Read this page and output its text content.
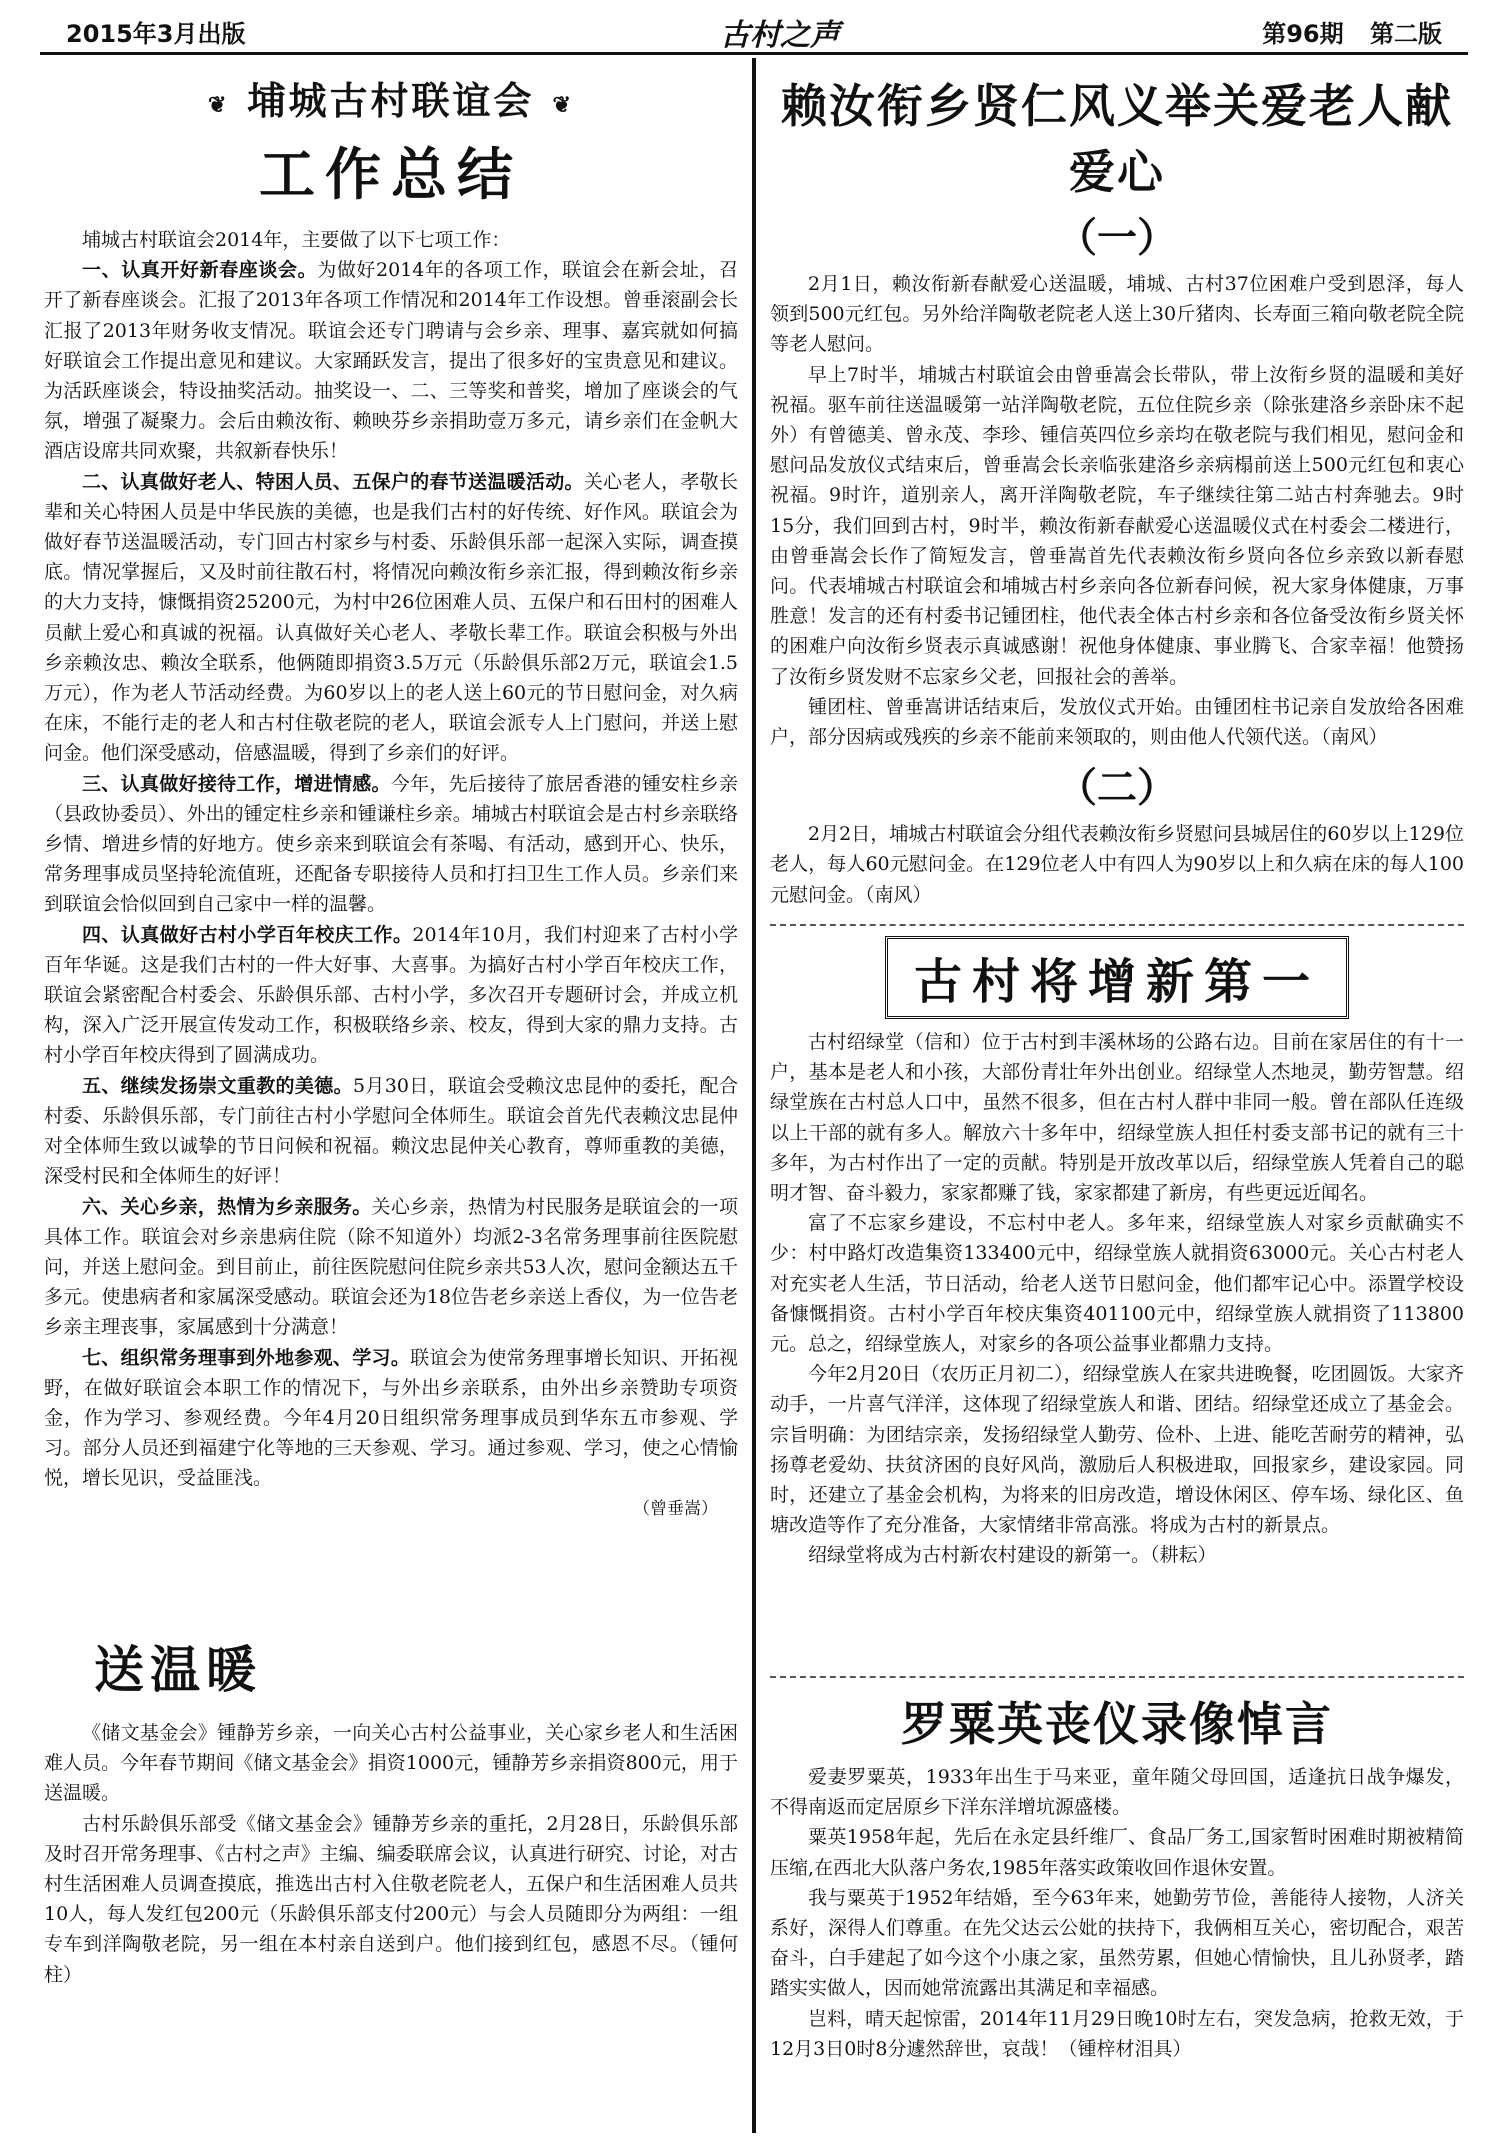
2015年3月出版	古村之声	第96期 第二版
❦ 埔城古村联谊会 ❦
工作总结

埔城古村联谊会2014年，主要做了以下七项工作：

一、认真开好新春座谈会。为做好2014年的各项工作，联谊会在新会址，召开了新春座谈会。汇报了2013年各项工作情况和2014年工作设想。曾垂滚副会长汇报了2013年财务收支情况。联谊会还专门聘请与会乡亲、理事、嘉宾就如何搞好联谊会工作提出意见和建议。大家踊跃发言，提出了很多好的宝贵意见和建议。为活跃座谈会，特设抽奖活动。抽奖设一、二、三等奖和普奖，增加了座谈会的气氛，增强了凝聚力。会后由赖汝衔、赖映芬乡亲捐助壹万多元，请乡亲们在金帆大酒店设席共同欢聚，共叙新春快乐！

二、认真做好老人、特困人员、五保户的春节送温暖活动。关心老人，孝敬长辈和关心特困人员是中华民族的美德，也是我们古村的好传统、好作风。联谊会为做好春节送温暖活动，专门回古村家乡与村委、乐龄俱乐部一起深入实际，调查摸底。情况掌握后，又及时前往散石村，将情况向赖汝衔乡亲汇报，得到赖汝衔乡亲的大力支持，慷慨捐资25200元，为村中26位困难人员、五保户和石田村的困难人员献上爱心和真诚的祝福。认真做好关心老人、孝敬长辈工作。联谊会积极与外出乡亲赖汝忠、赖汝全联系，他俩随即捐资3.5万元（乐龄俱乐部2万元，联谊会1.5万元），作为老人节活动经费。为60岁以上的老人送上60元的节日慰问金，对久病在床，不能行走的老人和古村住敬老院的老人，联谊会派专人上门慰问，并送上慰问金。他们深受感动，倍感温暖，得到了乡亲们的好评。

三、认真做好接待工作，增进情感。今年，先后接待了旅居香港的锺安柱乡亲（县政协委员）、外出的锺定柱乡亲和锺谦柱乡亲。埔城古村联谊会是古村乡亲联络乡情、增进乡情的好地方。使乡亲来到联谊会有茶喝、有活动，感到开心、快乐，常务理事成员坚持轮流值班，还配备专职接待人员和打扫卫生工作人员。乡亲们来到联谊会恰似回到自己家中一样的温馨。

四、认真做好古村小学百年校庆工作。2014年10月，我们村迎来了古村小学百年华诞。这是我们古村的一件大好事、大喜事。为搞好古村小学百年校庆工作，联谊会紧密配合村委会、乐龄俱乐部、古村小学，多次召开专题研讨会，并成立机构，深入广泛开展宣传发动工作，积极联络乡亲、校友，得到大家的鼎力支持。古村小学百年校庆得到了圆满成功。

五、继续发扬崇文重教的美德。5月30日，联谊会受赖汶忠昆仲的委托，配合村委、乐龄俱乐部，专门前往古村小学慰问全体师生。联谊会首先代表赖汶忠昆仲对全体师生致以诚挚的节日问候和祝福。赖汶忠昆仲关心教育，尊师重教的美德，深受村民和全体师生的好评！

六、关心乡亲，热情为乡亲服务。关心乡亲，热情为村民服务是联谊会的一项具体工作。联谊会对乡亲患病住院（除不知道外）均派2-3名常务理事前往医院慰问，并送上慰问金。到目前止，前往医院慰问住院乡亲共53人次，慰问金额达五千多元。使患病者和家属深受感动。联谊会还为18位告老乡亲送上香仪，为一位告老乡亲主理丧事，家属感到十分满意！

七、组织常务理事到外地参观、学习。联谊会为使常务理事增长知识、开拓视野，在做好联谊会本职工作的情况下，与外出乡亲联系，由外出乡亲赞助专项资金，作为学习、参观经费。今年4月20日组织常务理事成员到华东五市参观、学习。部分人员还到福建宁化等地的三天参观、学习。通过参观、学习，使之心情愉悦，增长见识，受益匪浅。

（曾垂嵩）

送温暖

《储文基金会》锺静芳乡亲，一向关心古村公益事业，关心家乡老人和生活困难人员。今年春节期间《储文基金会》捐资1000元，锺静芳乡亲捐资800元，用于送温暖。

古村乐龄俱乐部受《储文基金会》锺静芳乡亲的重托，2月28日，乐龄俱乐部及时召开常务理事、《古村之声》主编、编委联席会议，认真进行研究、讨论，对古村生活困难人员调查摸底，推选出古村入住敬老院老人，五保户和生活困难人员共10人，每人发红包200元（乐龄俱乐部支付200元）与会人员随即分为两组：一组专车到洋陶敬老院，另一组在本村亲自送到户。他们接到红包，感恩不尽。（锺何柱）

赖汝衔乡贤仁风义举关爱老人献爱心
（一）

2月1日，赖汝衔新春献爱心送温暖，埔城、古村37位困难户受到恩泽，每人领到500元红包。另外给洋陶敬老院老人送上30斤猪肉、长寿面三箱向敬老院全院等老人慰问。

早上7时半，埔城古村联谊会由曾垂嵩会长带队，带上汝衔乡贤的温暖和美好祝福。驱车前往送温暖第一站洋陶敬老院，五位住院乡亲（除张建洛乡亲卧床不起外）有曾德美、曾永茂、李珍、锺信英四位乡亲均在敬老院与我们相见，慰问金和慰问品发放仪式结束后，曾垂嵩会长亲临张建洛乡亲病榻前送上500元红包和衷心祝福。9时许，道别亲人，离开洋陶敬老院，车子继续往第二站古村奔驰去。9时15分，我们回到古村，9时半，赖汝衔新春献爱心送温暖仪式在村委会二楼进行，由曾垂嵩会长作了简短发言，曾垂嵩首先代表赖汝衔乡贤向各位乡亲致以新春慰问。代表埔城古村联谊会和埔城古村乡亲向各位新春问候，祝大家身体健康，万事胜意！发言的还有村委书记锺团柱，他代表全体古村乡亲和各位备受汝衔乡贤关怀的困难户向汝衔乡贤表示真诚感谢！祝他身体健康、事业腾飞、合家幸福！他赞扬了汝衔乡贤发财不忘家乡父老，回报社会的善举。

锺团柱、曾垂嵩讲话结束后，发放仪式开始。由锺团柱书记亲自发放给各困难户，部分因病或残疾的乡亲不能前来领取的，则由他人代领代送。（南风）

（二）

2月2日，埔城古村联谊会分组代表赖汝衔乡贤慰问县城居住的60岁以上129位老人，每人60元慰问金。在129位老人中有四人为90岁以上和久病在床的每人100元慰问金。（南风）

古村将增新第一

古村绍绿堂（信和）位于古村到丰溪林场的公路右边。目前在家居住的有十一户，基本是老人和小孩，大部份青壮年外出创业。绍绿堂人杰地灵，勤劳智慧。绍绿堂族在古村总人口中，虽然不很多，但在古村人群中非同一般。曾在部队任连级以上干部的就有多人。解放六十多年中，绍绿堂族人担任村委支部书记的就有三十多年，为古村作出了一定的贡献。特别是开放改革以后，绍绿堂族人凭着自己的聪明才智、奋斗毅力，家家都赚了钱，家家都建了新房，有些更远近闻名。

富了不忘家乡建设，不忘村中老人。多年来，绍绿堂族人对家乡贡献确实不少：村中路灯改造集资133400元中，绍绿堂族人就捐资63000元。关心古村老人对充实老人生活，节日活动，给老人送节日慰问金，他们都牢记心中。添置学校设备慷慨捐资。古村小学百年校庆集资401100元中，绍绿堂族人就捐资了113800元。总之，绍绿堂族人，对家乡的各项公益事业都鼎力支持。

今年2月20日（农历正月初二），绍绿堂族人在家共进晚餐，吃团圆饭。大家齐动手，一片喜气洋洋，这体现了绍绿堂族人和谐、团结。绍绿堂还成立了基金会。宗旨明确：为团结宗亲，发扬绍绿堂人勤劳、俭朴、上进、能吃苦耐劳的精神，弘扬尊老爱幼、扶贫济困的良好风尚，激励后人积极进取，回报家乡，建设家园。同时，还建立了基金会机构，为将来的旧房改造，增设休闲区、停车场、绿化区、鱼塘改造等作了充分准备，大家情绪非常高涨。将成为古村的新景点。

绍绿堂将成为古村新农村建设的新第一。（耕耘）

罗粟英丧仪录像悼言

爱妻罗粟英，1933年出生于马来亚，童年随父母回国，适逢抗日战争爆发，不得南返而定居原乡下洋东洋增坑源盛楼。

粟英1958年起，先后在永定县纤维厂、食品厂务工,国家暂时困难时期被精简压缩,在西北大队落户务农,1985年落实政策收回作退休安置。

我与粟英于1952年结婚，至今63年来，她勤劳节俭，善能待人接物，人济关系好，深得人们尊重。在先父达云公妣的扶持下，我俩相互关心，密切配合，艰苦奋斗，白手建起了如今这个小康之家，虽然劳累，但她心情愉快，且儿孙贤孝，踏踏实实做人，因而她常流露出其满足和幸福感。

岂料，晴天起惊雷，2014年11月29日晚10时左右，突发急病，抢救无效，于12月3日0时8分遽然辞世，哀哉！（锺梓材泪具）
